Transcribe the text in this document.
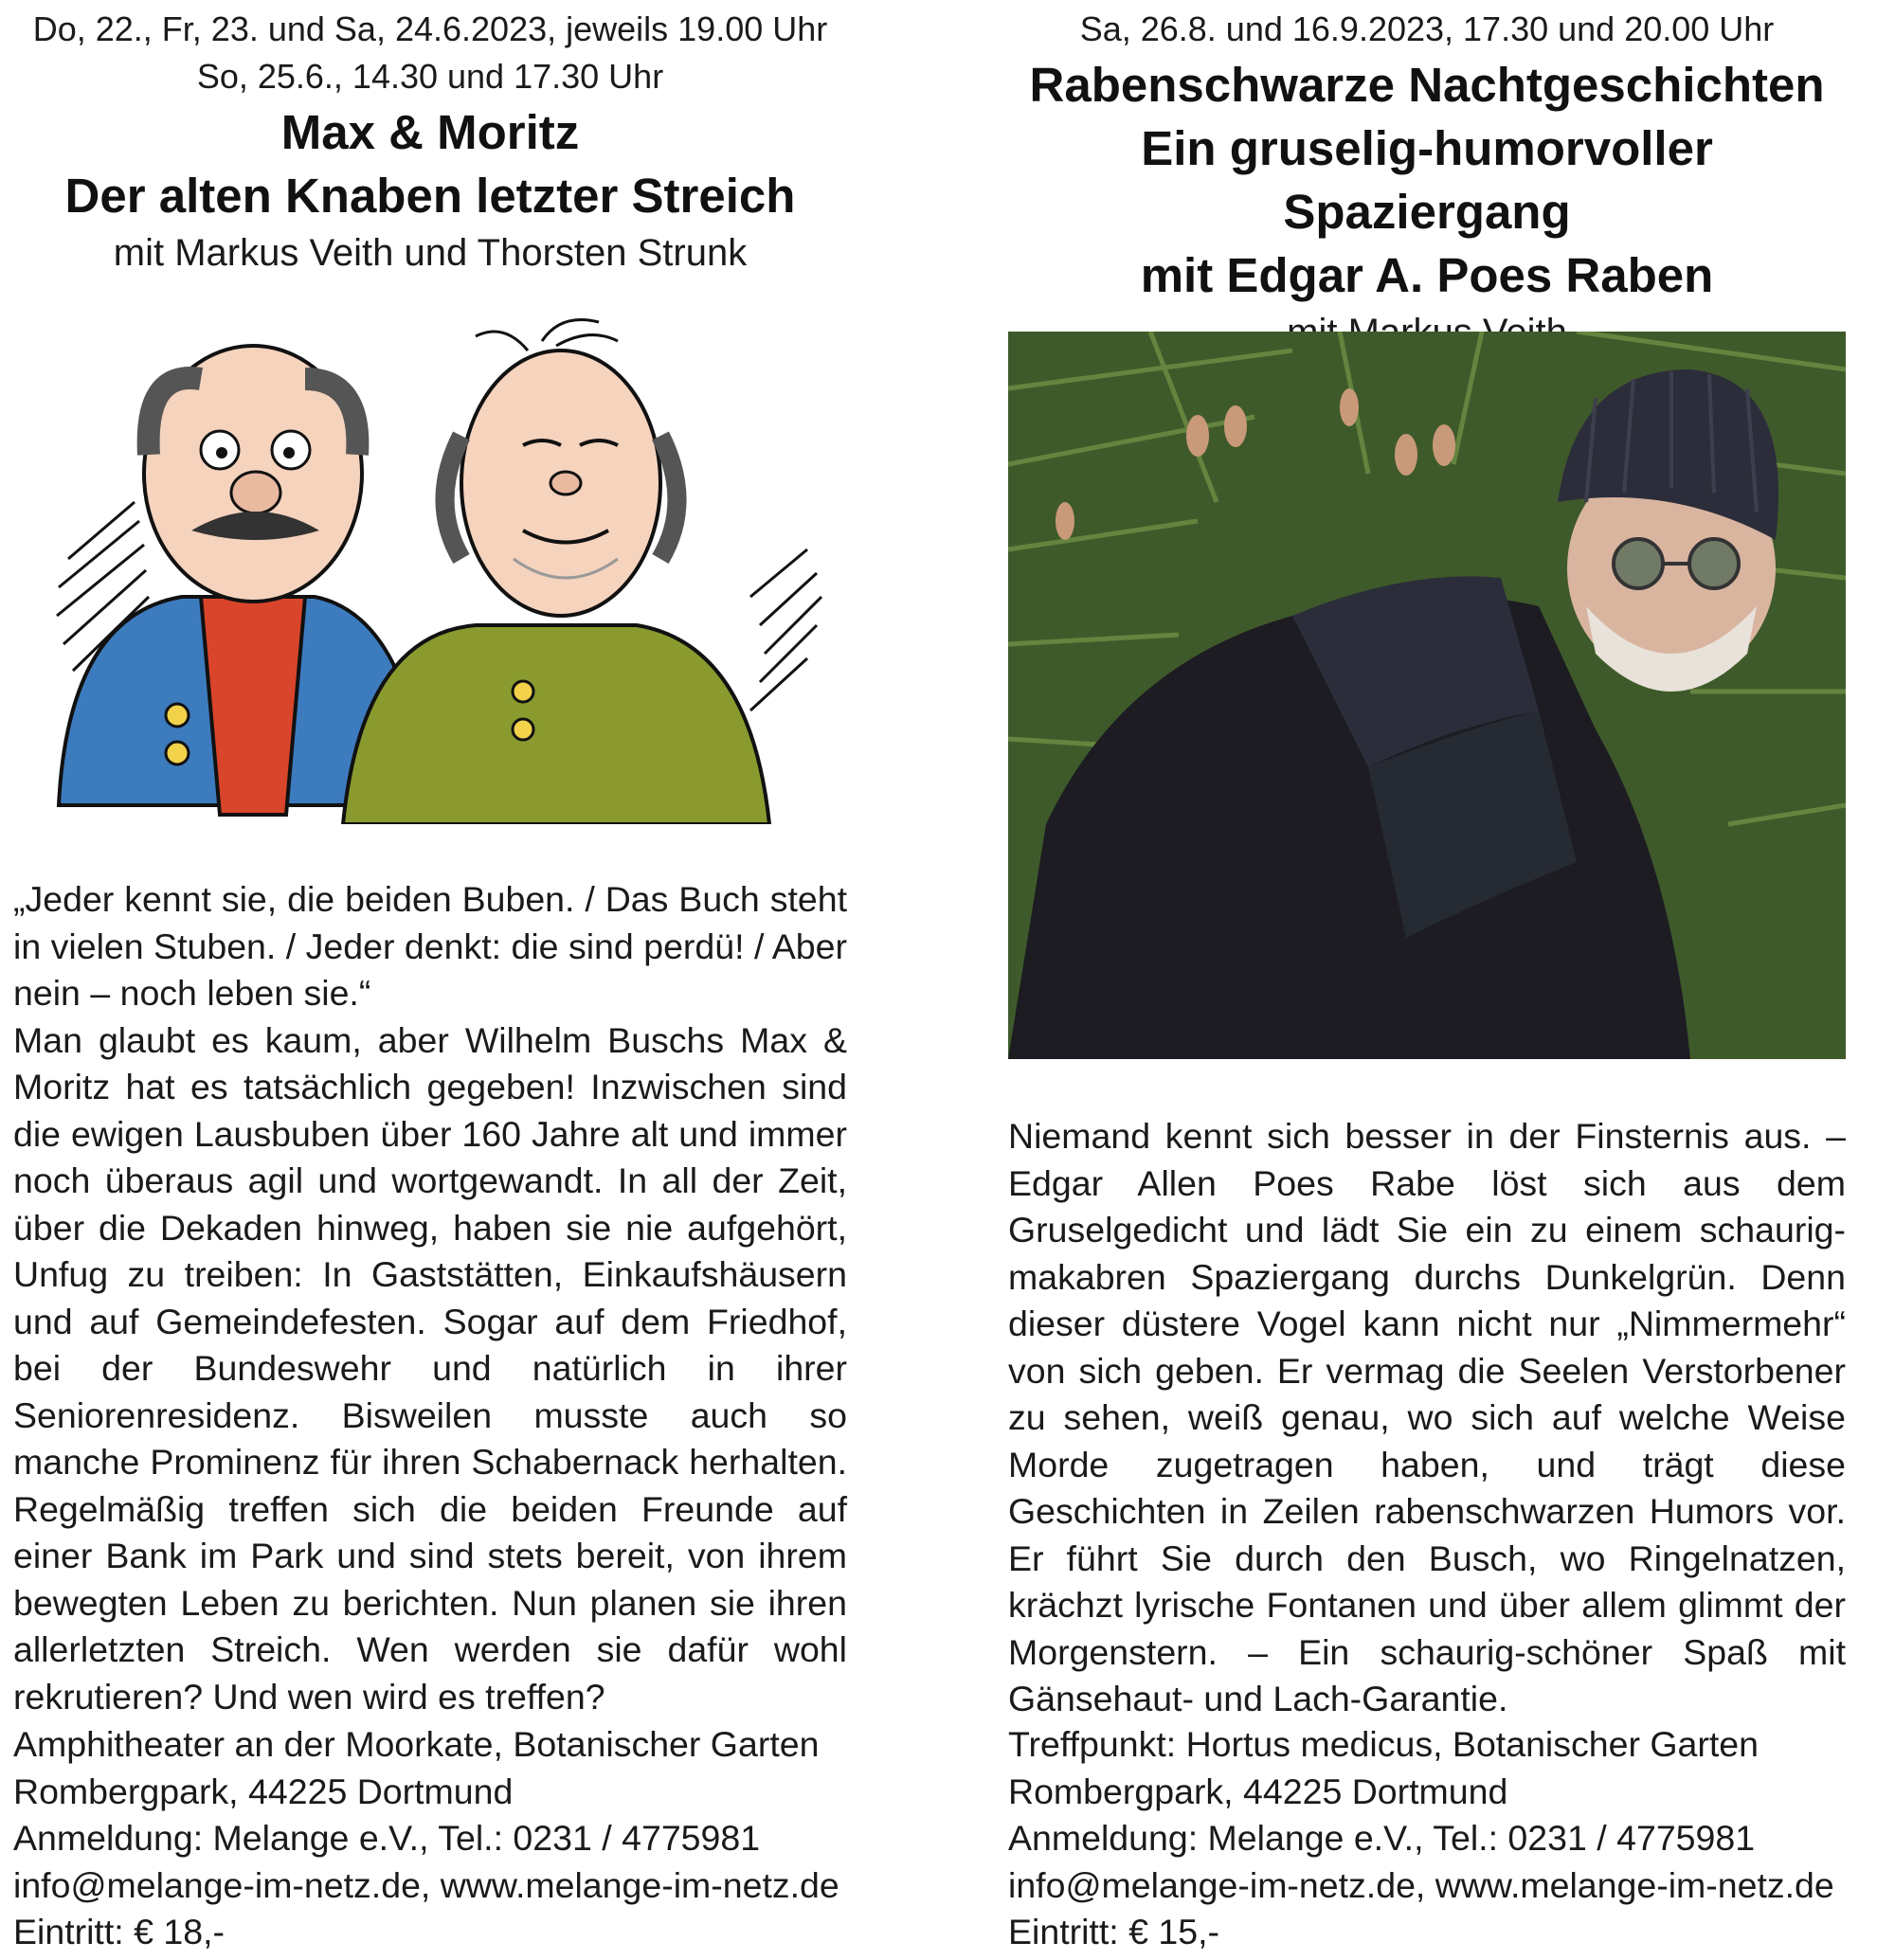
Do, 22., Fr, 23. und Sa, 24.6.2023, jeweils 19.00 Uhr
So, 25.6., 14.30 und 17.30 Uhr
Max & Moritz
Der alten Knaben letzter Streich
mit Markus Veith und Thorsten Strunk
„Jeder kennt sie, die beiden Buben. / Das Buch steht in vielen Stuben. / Jeder denkt: die sind perdü! / Aber nein – noch leben sie.“
Man glaubt es kaum, aber Wilhelm Buschs Max & Moritz hat es tatsächlich gegeben! Inzwischen sind die ewigen Lausbuben über 160 Jahre alt und immer noch überaus agil und wortgewandt. In all der Zeit, über die Dekaden hinweg, haben sie nie aufgehört, Unfug zu treiben: In Gaststätten, Einkaufshäusern und auf Gemeindefesten. Sogar auf dem Friedhof, bei der Bundeswehr und natürlich in ihrer Seniorenresidenz. Bisweilen musste auch so manche Prominenz für ihren Schabernack herhalten. Regelmäßig treffen sich die beiden Freunde auf einer Bank im Park und sind stets bereit, von ihrem bewegten Leben zu berichten. Nun planen sie ihren allerletzten Streich. Wen werden sie dafür wohl rekrutieren? Und wen wird es treffen?
Amphitheater an der Moorkate, Botanischer Garten
Rombergpark, 44225 Dortmund
Anmeldung: Melange e.V., Tel.: 0231 / 4775981
info@melange-im-netz.de, www.melange-im-netz.de
Eintritt: € 18,-
Sa, 26.8. und 16.9.2023, 17.30 und 20.00 Uhr
Rabenschwarze Nachtgeschichten
Ein gruselig-humorvoller Spaziergang
mit Edgar A. Poes Raben
Niemand kennt sich besser in der Finsternis aus. – Edgar Allen Poes Rabe löst sich aus dem Gruselgedicht und lädt Sie ein zu einem schaurig-makabren Spaziergang durchs Dunkelgrün. Denn dieser düstere Vogel kann nicht nur „Nimmermehr“ von sich geben. Er vermag die Seelen Verstorbener zu sehen, weiß genau, wo sich auf welche Weise Morde zugetragen haben, und trägt diese Geschichten in Zeilen rabenschwarzen Humors vor. Er führt Sie durch den Busch, wo Ringelnatzen, krächzt lyrische Fontanen und über allem glimmt der Morgenstern. – Ein schaurig-schöner Spaß mit Gänsehaut- und Lach-Garantie.
Treffpunkt: Hortus medicus, Botanischer Garten
Rombergpark, 44225 Dortmund
Anmeldung: Melange e.V., Tel.: 0231 / 4775981
info@melange-im-netz.de, www.melange-im-netz.de
Eintritt: € 15,-
